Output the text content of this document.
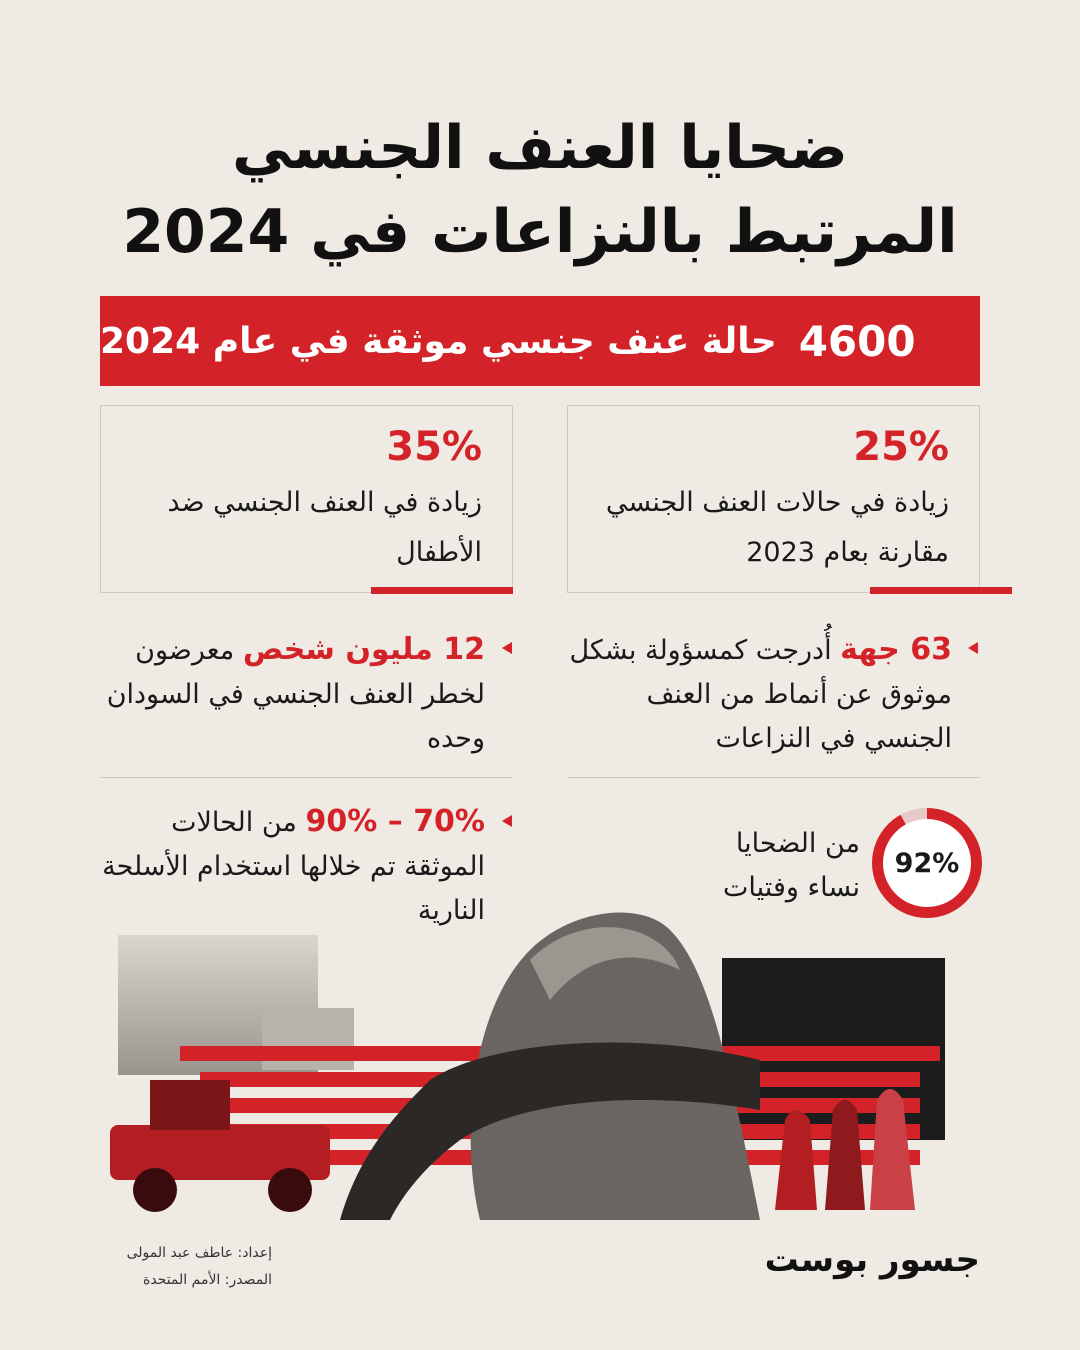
ضحايا العنف الجنسي
المرتبط بالنزاعات في 2024
4600
حالة عنف جنسي موثقة في عام 2024
25%
زيادة في حالات العنف الجنسي مقارنة بعام 2023
35%
زيادة في العنف الجنسي ضد الأطفال
63 جهة أُدرجت كمسؤولة بشكل موثوق عن أنماط من العنف الجنسي في النزاعات
12 مليون شخص معرضون لخطر العنف الجنسي في السودان وحده
92%
من الضحايا نساء وفتيات
70% – 90% من الحالات الموثقة تم خلالها استخدام الأسلحة النارية
إعداد: عاطف عبد المولى
المصدر: الأمم المتحدة	جسور بوست
